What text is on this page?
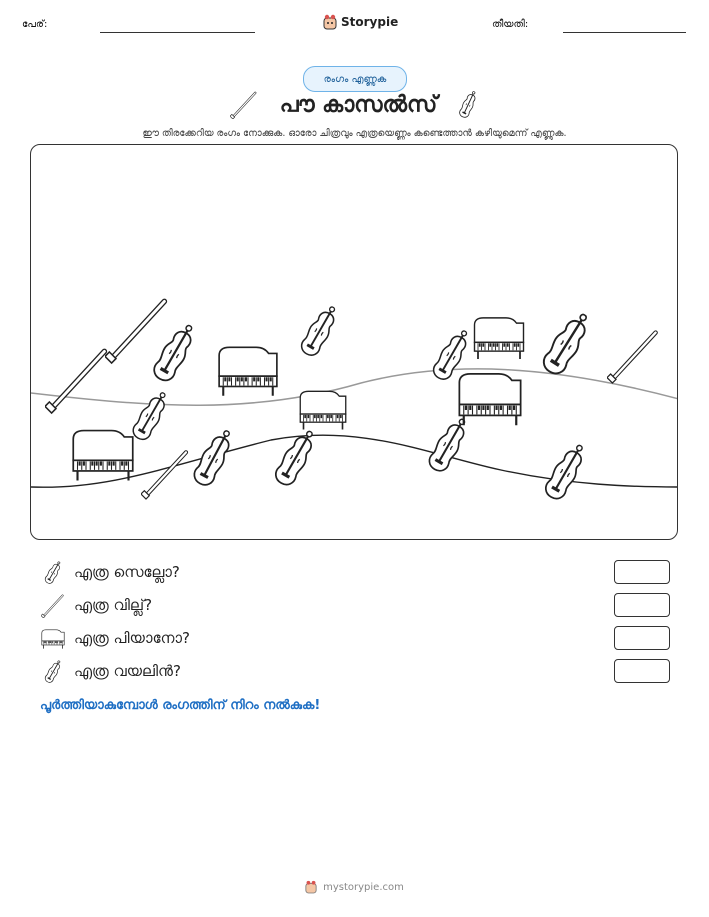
പേര്:	Storypie	തീയതി:
രംഗം എണ്ണുക
പൗ കാസൽസ്
ഈ തിരക്കേറിയ രംഗം നോക്കുക. ഓരോ ചിത്രവും എത്രയെണ്ണം കണ്ടെത്താൻ കഴിയുമെന്ന് എണ്ണുക.
എത്ര സെല്ലോ?
എത്ര വില്ല്?
എത്ര പിയാനോ?
എത്ര വയലിൻ?
പൂർത്തിയാകുമ്പോൾ രംഗത്തിന് നിറം നൽകുക!
mystorypie.com
